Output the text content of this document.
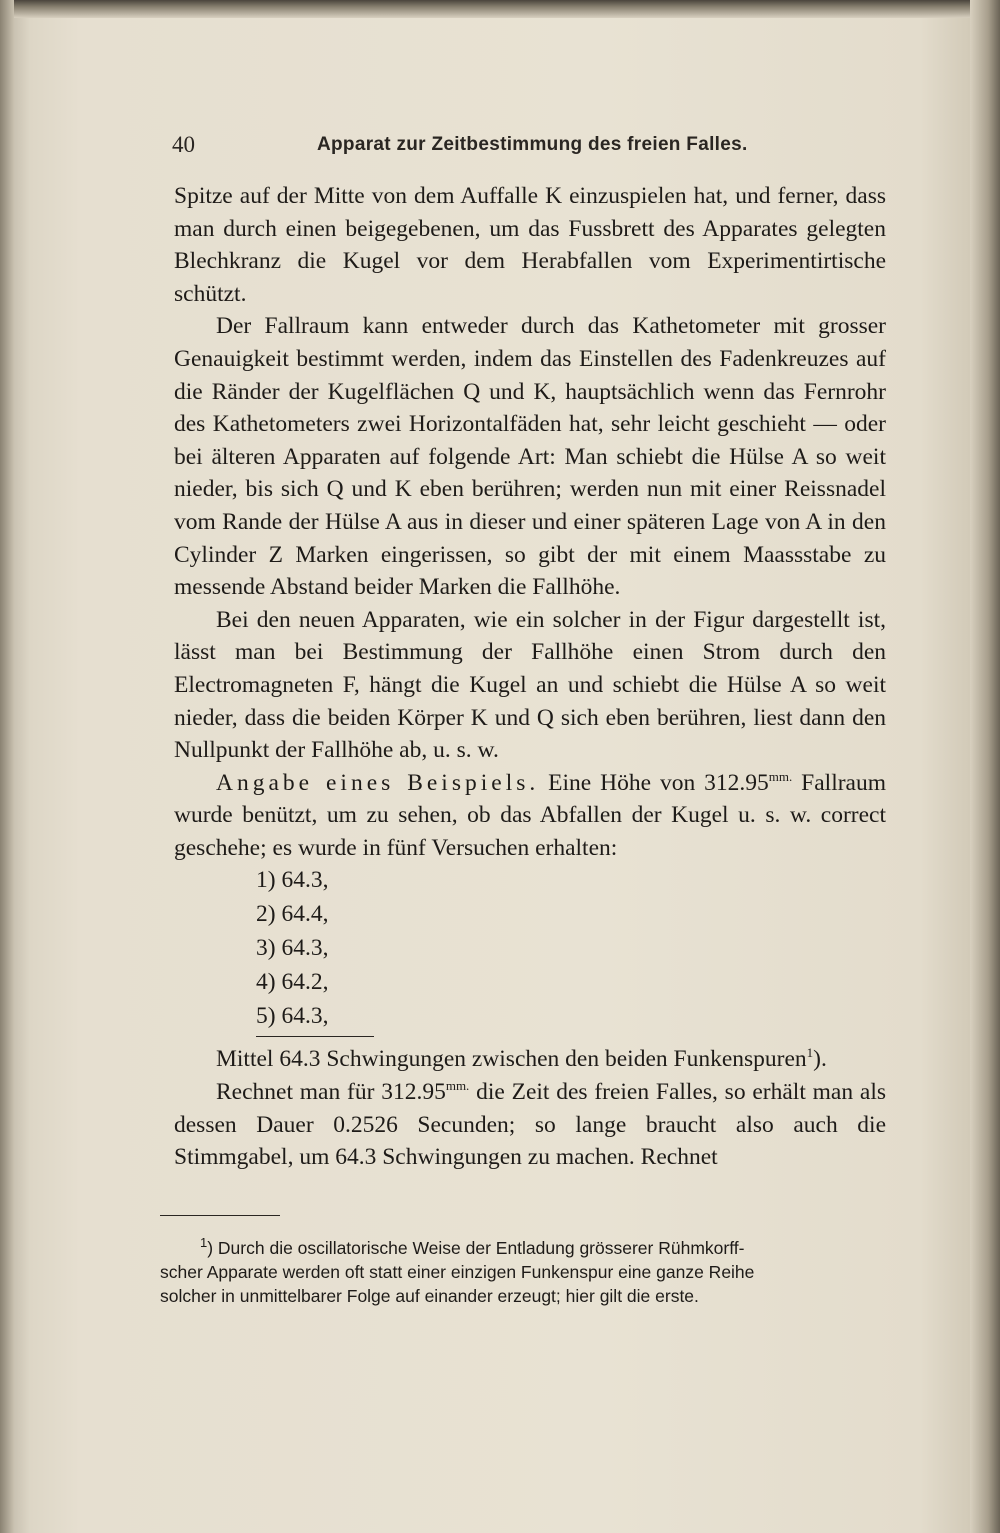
40	Apparat zur Zeitbestimmung des freien Falles.

Spitze auf der Mitte von dem Auffalle K einzuspielen hat, und ferner, dass man durch einen beigegebenen, um das Fussbrett des Apparates gelegten Blechkranz die Kugel vor dem Herabfallen vom Experimentirtische schützt.

Der Fallraum kann entweder durch das Kathetometer mit grosser Genauigkeit bestimmt werden, indem das Einstellen des Fadenkreuzes auf die Ränder der Kugelflächen Q und K, hauptsächlich wenn das Fernrohr des Kathetometers zwei Horizontalfäden hat, sehr leicht geschieht — oder bei älteren Apparaten auf folgende Art: Man schiebt die Hülse A so weit nieder, bis sich Q und K eben berühren; werden nun mit einer Reissnadel vom Rande der Hülse A aus in dieser und einer späteren Lage von A in den Cylinder Z Marken eingerissen, so gibt der mit einem Maassstabe zu messende Abstand beider Marken die Fallhöhe.

Bei den neuen Apparaten, wie ein solcher in der Figur dargestellt ist, lässt man bei Bestimmung der Fallhöhe einen Strom durch den Electromagneten F, hängt die Kugel an und schiebt die Hülse A so weit nieder, dass die beiden Körper K und Q sich eben berühren, liest dann den Nullpunkt der Fallhöhe ab, u. s. w.

Angabe eines Beispiels. Eine Höhe von $312.95^{mm.}$ Fallraum wurde benützt, um zu sehen, ob das Abfallen der Kugel u. s. w. correct geschehe; es wurde in fünf Versuchen erhalten:

1) 64.3,
2) 64.4,
3) 64.3,
4) 64.2,
5) 64.3,

Mittel 64.3 Schwingungen zwischen den beiden Funkenspuren$^1$).

Rechnet man für $312.95^{mm.}$ die Zeit des freien Falles, so erhält man als dessen Dauer 0.2526 Secunden; so lange braucht also auch die Stimmgabel, um 64.3 Schwingungen zu machen. Rechnet

$^1$) Durch die oscillatorische Weise der Entladung grösserer Rühmkorff-
scher Apparate werden oft statt einer einzigen Funkenspur eine ganze Reihe
solcher in unmittelbarer Folge auf einander erzeugt; hier gilt die erste.
